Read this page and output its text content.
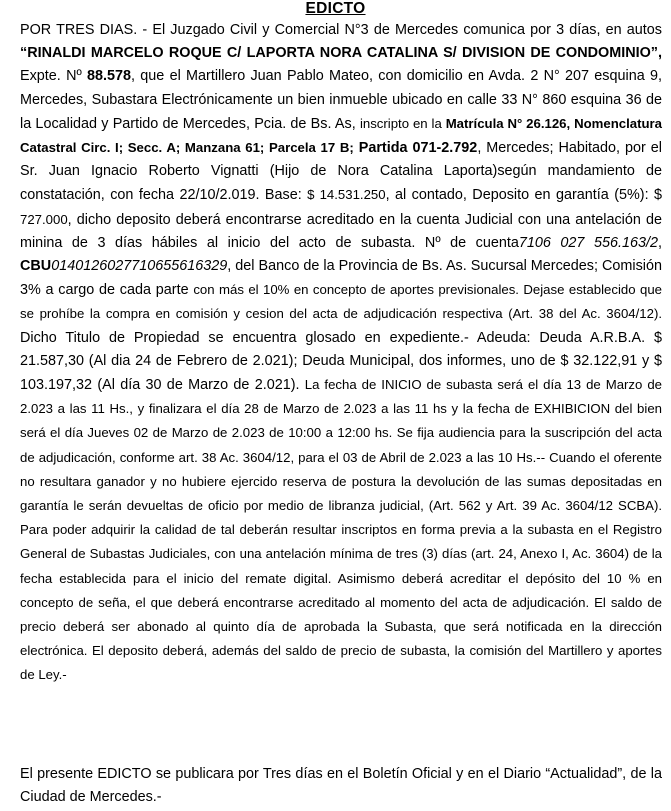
EDICTO
POR TRES DIAS. - El Juzgado Civil y Comercial N°3 de Mercedes comunica por 3 días, en autos “RINALDI MARCELO ROQUE C/ LAPORTA NORA CATALINA S/ DIVISION DE CONDOMINIO”, Expte. Nº 88.578, que el Martillero Juan Pablo Mateo, con domicilio en Avda. 2 N° 207 esquina 9, Mercedes, Subastara Electrónicamente un bien inmueble ubicado en calle 33 N° 860 esquina 36 de la Localidad y Partido de Mercedes, Pcia. de Bs. As, inscripto en la Matrícula N° 26.126, Nomenclatura Catastral Circ. I; Secc. A; Manzana 61; Parcela 17 B; Partida 071-2.792, Mercedes; Habitado, por el Sr. Juan Ignacio Roberto Vignatti (Hijo de Nora Catalina Laporta)según mandamiento de constatación, con fecha 22/10/2.019. Base: $ 14.531.250, al contado, Deposito en garantía (5%): $ 727.000, dicho deposito deberá encontrarse acreditado en la cuenta Judicial con una antelación de minina de 3 días hábiles al inicio del acto de subasta. Nº de cuenta7106 027 556.163/2, CBU0140126027710655616329, del Banco de la Provincia de Bs. As. Sucursal Mercedes; Comisión 3% a cargo de cada parte con más el 10% en concepto de aportes previsionales. Dejase establecido que se prohíbe la compra en comisión y cesion del acta de adjudicación respectiva (Art. 38 del Ac. 3604/12). Dicho Titulo de Propiedad se encuentra glosado en expediente.- Adeuda: Deuda A.R.B.A. $ 21.587,30 (Al dia 24 de Febrero de 2.021); Deuda Municipal, dos informes, uno de $ 32.122,91 y $ 103.197,32 (Al día 30 de Marzo de 2.021). La fecha de INICIO de subasta será el día 13 de Marzo de 2.023 a las 11 Hs., y finalizara el día 28 de Marzo de 2.023 a las 11 hs y la fecha de EXHIBICION del bien será el día Jueves 02 de Marzo de 2.023 de 10:00 a 12:00 hs. Se fija audiencia para la suscripción del acta de adjudicación, conforme art. 38 Ac. 3604/12, para el 03 de Abril de 2.023 a las 10 Hs.-- Cuando el oferente no resultara ganador y no hubiere ejercido reserva de postura la devolución de las sumas depositadas en garantía le serán devueltas de oficio por medio de libranza judicial, (Art. 562 y Art. 39 Ac. 3604/12 SCBA). Para poder adquirir la calidad de tal deberán resultar inscriptos en forma previa a la subasta en el Registro General de Subastas Judiciales, con una antelación mínima de tres (3) días (art. 24, Anexo I, Ac. 3604) de la fecha establecida para el inicio del remate digital. Asimismo deberá acreditar el depósito del 10 % en concepto de seña, el que deberá encontrarse acreditado al momento del acta de adjudicación. El saldo de precio deberá ser abonado al quinto día de aprobada la Subasta, que será notificada en la dirección electrónica. El deposito deberá, además del saldo de precio de subasta, la comisión del Martillero y aportes de Ley.-
El presente EDICTO se publicara por Tres días en el Boletín Oficial y en el Diario “Actualidad”, de la Ciudad de Mercedes.-
